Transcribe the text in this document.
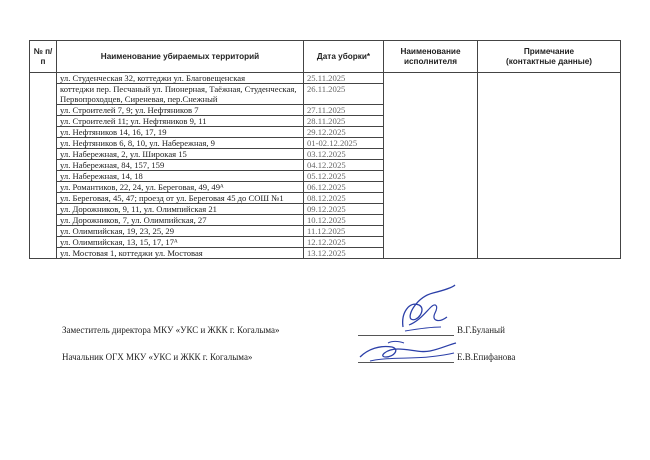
№ п/п	Наименование убираемых территорий	Дата уборки*	Наименование исполнителя	Примечание
(контактные данные)

	ул. Студенческая 32, коттеджи ул. Благовещенская	25.11.2025		
	коттеджи пер. Песчаный ул. Пионерная, Таёжная, Студенческая, Первопроходцев, Сиреневая, пер.Снежный	26.11.2025		
	ул. Строителей 7, 9; ул. Нефтяников 7	27.11.2025		
	ул. Строителей 11; ул. Нефтяников 9, 11	28.11.2025		
	ул. Нефтяников 14, 16, 17, 19	29.12.2025		
	ул. Нефтяников 6, 8, 10, ул. Набережная, 9	01-02.12.2025		
	ул. Набережная, 2, ул. Широкая 15	03.12.2025		
	ул. Набережная, 84, 157, 159	04.12.2025		
	ул. Набережная, 14, 18	05.12.2025		
	ул. Романтиков, 22, 24, ул. Береговая, 49, 49ᴬ	06.12.2025		
	ул. Береговая, 45, 47; проезд от ул. Береговая 45 до СОШ №1	08.12.2025		
	ул. Дорожников, 9, 11, ул. Олимпийская 21	09.12.2025		
	ул. Дорожников, 7, ул. Олимпийская, 27	10.12.2025		
	ул. Олимпийская, 19, 23, 25, 29	11.12.2025		
	ул. Олимпийская, 13, 15, 17, 17ᴬ	12.12.2025		
	ул. Мостовая 1, коттеджи ул. Мостовая	13.12.2025		
Заместитель директора МКУ «УКС и ЖКК г. Когалыма»	В.Г.Буланый
Начальник ОГХ МКУ «УКС и ЖКК г. Когалыма»	Е.В.Епифанова
